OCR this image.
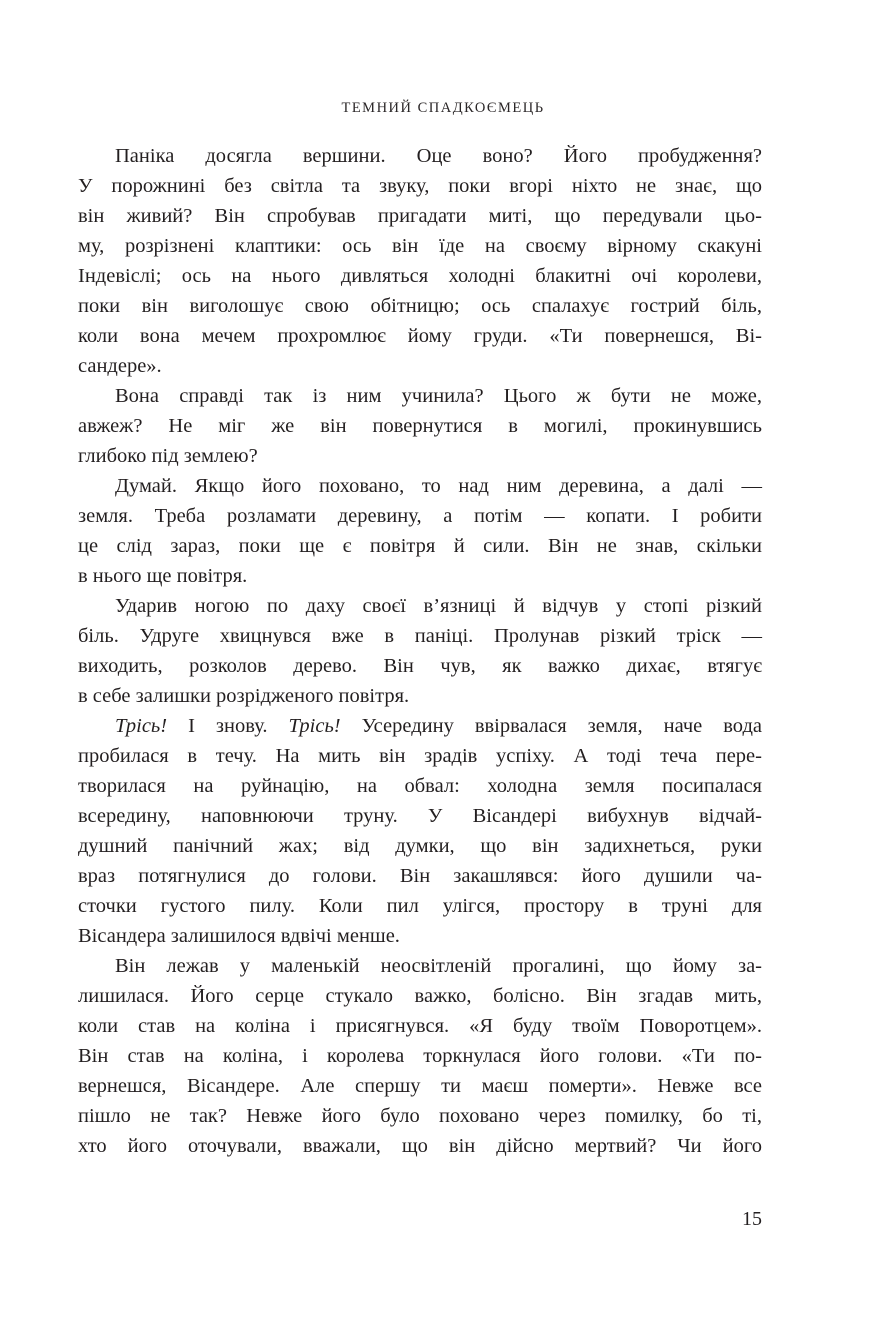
ТЕМНИЙ СПАДКОЄМЕЦЬ
Паніка досягла вершини. Оце воно? Його пробудження?
У порожнині без світла та звуку, поки вгорі ніхто не знає, що
він живий? Він спробував пригадати миті, що передували цьо-
му, розрізнені клаптики: ось він їде на своєму вірному скакуні
Індевіслі; ось на нього дивляться холодні блакитні очі королеви,
поки він виголошує свою обітницю; ось спалахує гострий біль,
коли вона мечем прохромлює йому груди. «Ти повернешся, Ві-
сандере».
Вона справді так із ним учинила? Цього ж бути не може,
авжеж? Не міг же він повернутися в могилі, прокинувшись
глибоко під землею?
Думай. Якщо його поховано, то над ним деревина, а далі —
земля. Треба розламати деревину, а потім — копати. І робити
це слід зараз, поки ще є повітря й сили. Він не знав, скільки
в нього ще повітря.
Ударив ногою по даху своєї в’язниці й відчув у стопі різкий
біль. Удруге хвицнувся вже в паніці. Пролунав різкий тріск —
виходить, розколов дерево. Він чув, як важко дихає, втягує
в себе залишки розрідженого повітря.
Трісь! І знову. Трісь! Усередину ввірвалася земля, наче вода
пробилася в течу. На мить він зрадів успіху. А тоді теча пере-
творилася на руйнацію, на обвал: холодна земля посипалася
всередину, наповнюючи труну. У Вісандері вибухнув відчай-
душний панічний жах; від думки, що він задихнеться, руки
враз потягнулися до голови. Він закашлявся: його душили ча-
сточки густого пилу. Коли пил улігся, простору в труні для
Вісандера залишилося вдвічі менше.
Він лежав у маленькій неосвітленій прогалині, що йому за-
лишилася. Його серце стукало важко, болісно. Він згадав мить,
коли став на коліна і присягнувся. «Я буду твоїм Поворотцем».
Він став на коліна, і королева торкнулася його голови. «Ти по-
вернешся, Вісандере. Але спершу ти маєш померти». Невже все
пішло не так? Невже його було поховано через помилку, бо ті,
хто його оточували, вважали, що він дійсно мертвий? Чи його
15
